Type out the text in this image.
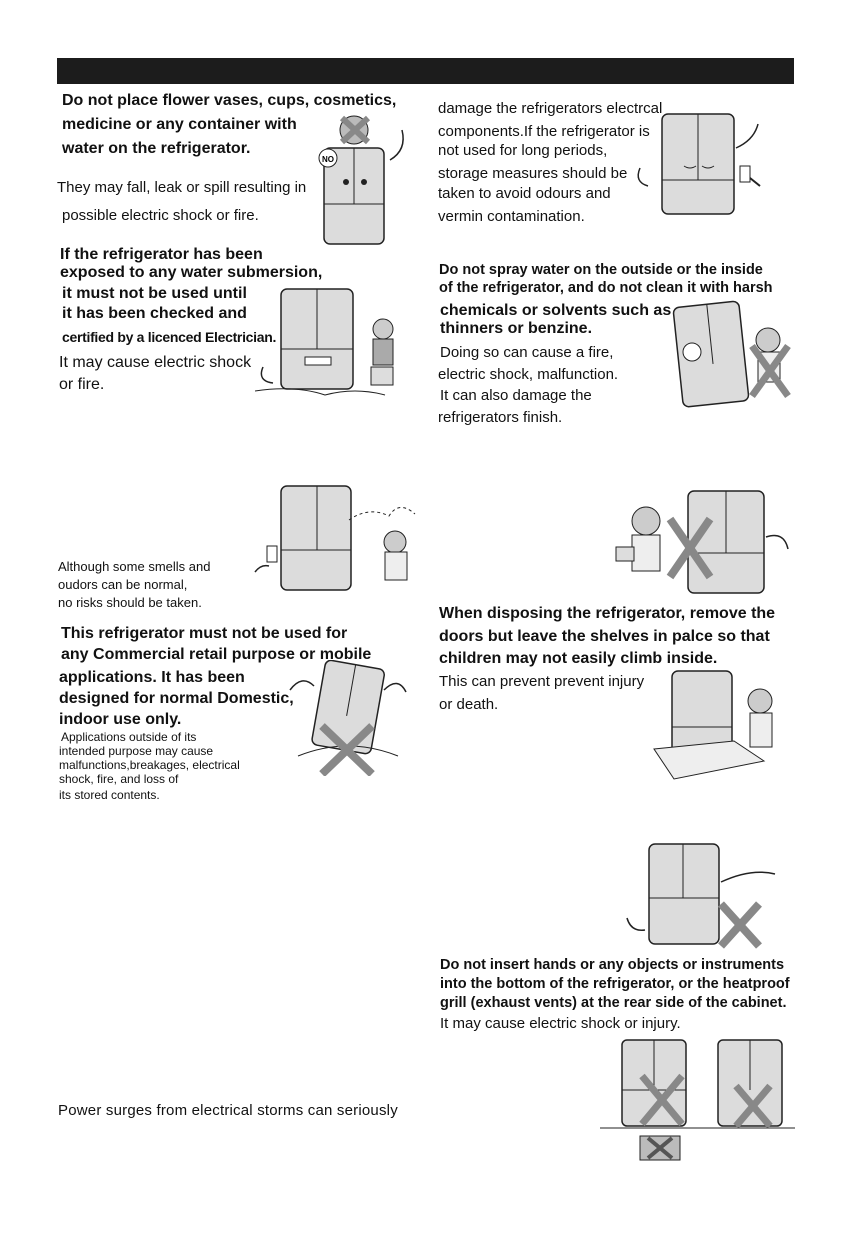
Do not place flower vases, cups, cosmetics,

medicine or any container with

water on the refrigerator.

They may fall, leak or spill resulting in

possible electric shock or fire.

If the refrigerator has been

exposed to any water submersion,

it must not be used until

it has been checked and

certified by a licenced Electrician.

It may cause electric shock

or fire.

Although some smells and

oudors can be normal,

no risks should be taken.

This refrigerator must not be used for

any Commercial retail purpose or mobile

applications. It has been

designed for normal Domestic,

indoor use only.

Applications outside of its

intended purpose may cause

malfunctions,breakages, electrical

shock, fire, and loss of

its stored contents.

Power surges from electrical storms can seriously

damage the refrigerators electrcal

components.If the refrigerator is

not used for long periods,

storage measures should be

taken to avoid odours and

vermin contamination.

Do not spray water on the outside or the inside

of the refrigerator, and do not clean it with harsh

chemicals or solvents such as

thinners or benzine.

Doing so can cause a fire,

electric shock, malfunction.

It can also damage the

refrigerators finish.

When disposing the refrigerator, remove the

doors but leave the shelves in palce so that

children may not easily climb inside.

This can prevent prevent injury

or death.

Do not insert hands or any objects or instruments

into the bottom of the refrigerator, or the heatproof

grill (exhaust vents) at the rear side of the cabinet.

It may cause electric shock or injury.

NO
